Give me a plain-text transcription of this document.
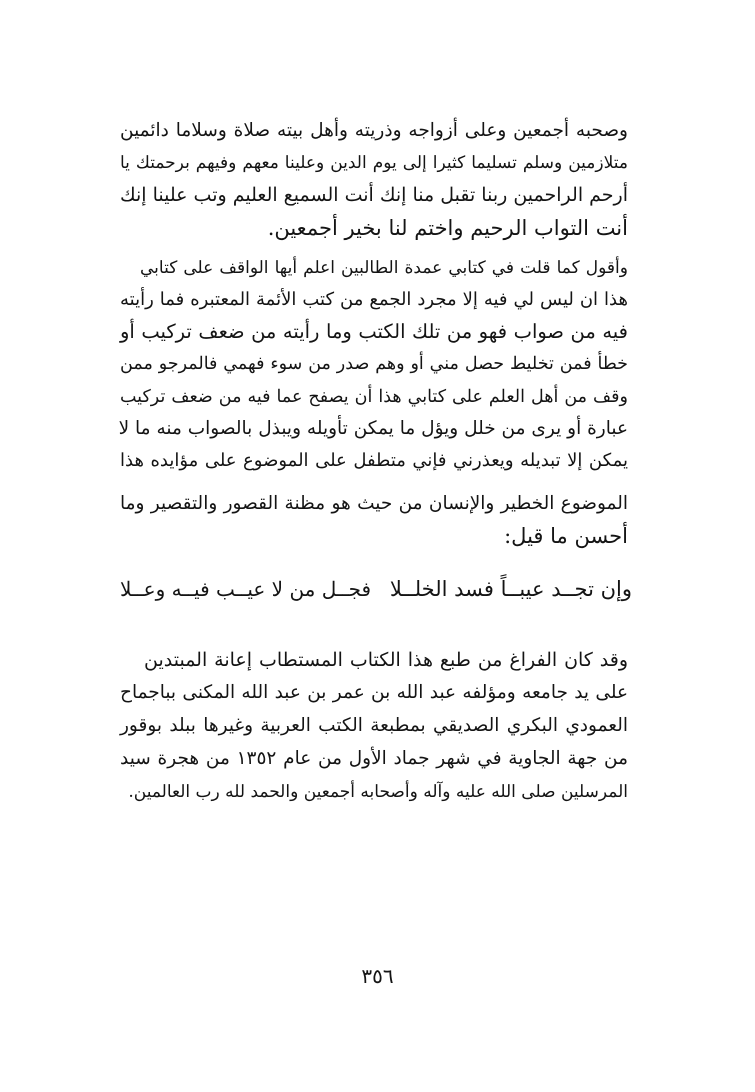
وصحبه أجمعين وعلى أزواجه وذريته وأهل بيته صلاة وسلاما دائمين
متلازمين وسلم تسليما كثيرا إلى يوم الدين وعلينا معهم وفيهم برحمتك يا
أرحم الراحمين ربنا تقبل منا إنك أنت السميع العليم وتب علينا إنك
أنت التواب الرحيم واختم لنا بخير أجمعين.
وأقول كما قلت في كتابي عمدة الطالبين اعلم أيها الواقف على كتابي
هذا ان ليس لي فيه إلا مجرد الجمع من كتب الأئمة المعتبره فما رأيته
فيه من صواب فهو من تلك الكتب وما رأيته من ضعف تركيب أو
خطأ فمن تخليط حصل مني أو وهم صدر من سوء فهمي فالمرجو ممن
وقف من أهل العلم على كتابي هذا أن يصفح عما فيه من ضعف تركيب
عبارة أو يرى من خلل ويؤل ما يمكن تأويله ويبذل بالصواب منه ما لا
يمكن إلا تبديله ويعذرني فإني متطفل على الموضوع على مؤايده هذا
الموضوع الخطير والإنسان من حيث هو مظنة القصور والتقصير وما
أحسن ما قيل:
وإن تجــد عيبــاً فسد الخلــلا
فجــل من لا عيــب فيــه وعــلا
وقد كان الفراغ من طبع هذا الكتاب المستطاب إعانة المبتدين
على يد جامعه ومؤلفه عبد الله بن عمر بن عبد الله المكنى بباجماح
العمودي البكري الصديقي بمطبعة الكتب العربية وغيرها ببلد بوقور
من جهة الجاوية في شهر جماد الأول من عام ١٣٥٢ من هجرة سيد
المرسلين صلى الله عليه وآله وأصحابه أجمعين والحمد لله رب العالمين.
٣٥٦
